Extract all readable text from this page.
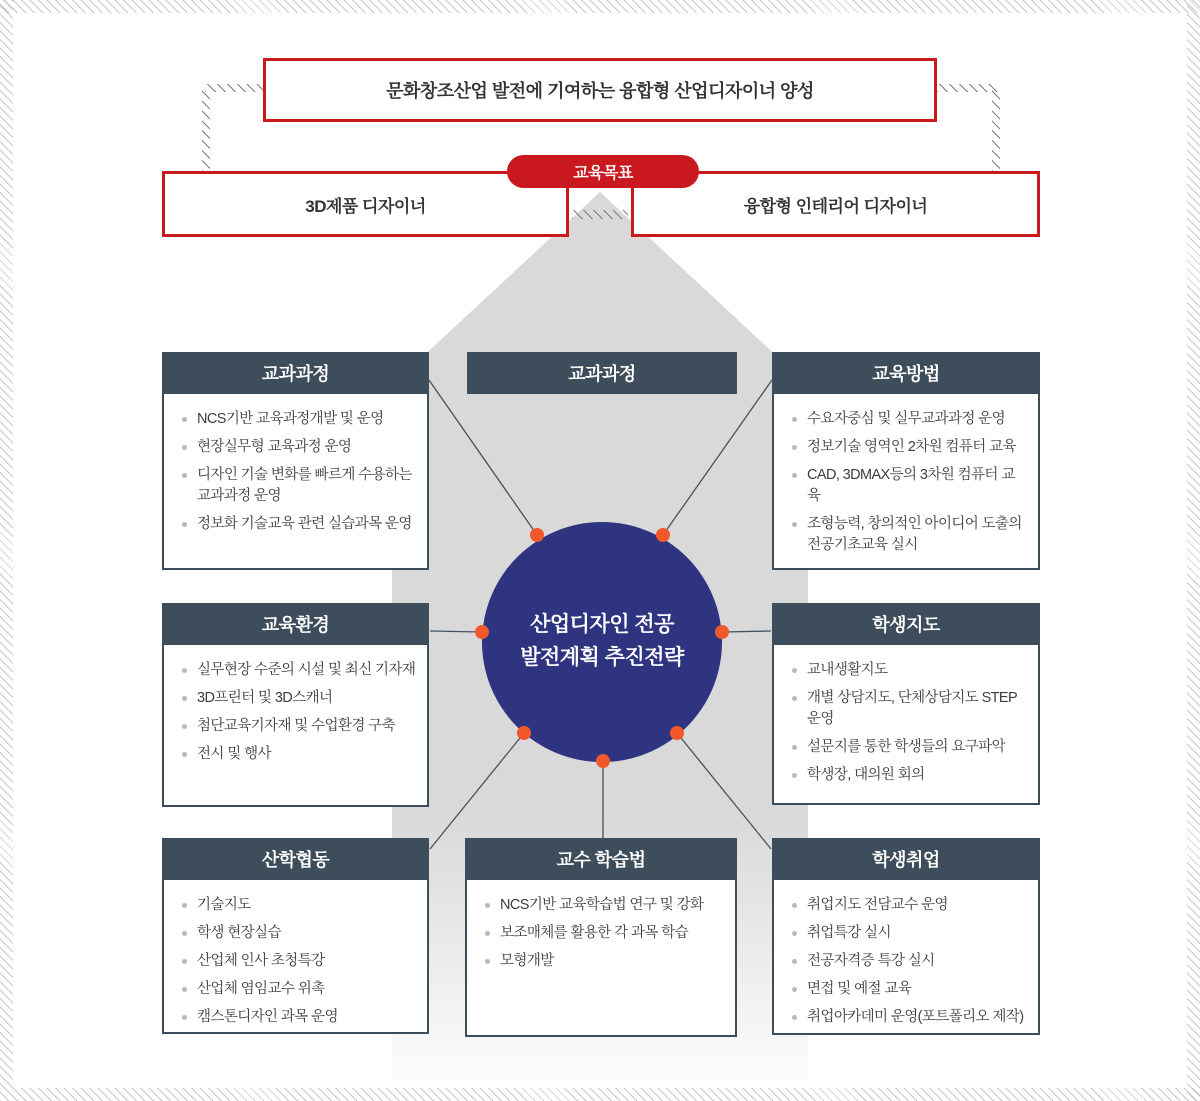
문화창조산업 발전에 기여하는 융합형 산업디자이너 양성
교육목표
3D제품 디자이너	융합형 인테리어 디자이너
교과과정
NCS기반 교육과정개발 및 운영
현장실무형 교육과정 운영
디자인 기술 변화를 빠르게 수용하는 교과과정 운영
정보화 기술교육 관련 실습과목 운영
교과과정	교육방법
수요자중심 및 실무교과과정 운영
정보기술 영역인 2차원 컴퓨터 교육
CAD, 3DMAX등의 3차원 컴퓨터 교육
조형능력, 창의적인 아이디어 도출의 전공기초교육 실시
교육환경
실무현장 수준의 시설 및 최신 기자재
3D프린터 및 3D스캐너
첨단교육기자재 및 수업환경 구축
전시 및 행사
학생지도
교내생활지도
개별 상담지도, 단체상담지도 STEP운영
설문지를 통한 학생들의 요구파악
학생장, 대의원 회의
산학협동
기술지도
학생 현장실습
산업체 인사 초청특강
산업체 염임교수 위촉
캠스톤디자인 과목 운영
교수 학습법
NCS기반 교육학습법 연구 및 강화
보조매체를 활용한 각 과목 학습
모형개발
학생취업
취업지도 전담교수 운영
취업특강 실시
전공자격증 특강 실시
면접 및 예절 교육
취업아카데미 운영(포트폴리오 제작)
산업디자인 전공
발전계획 추진전략
